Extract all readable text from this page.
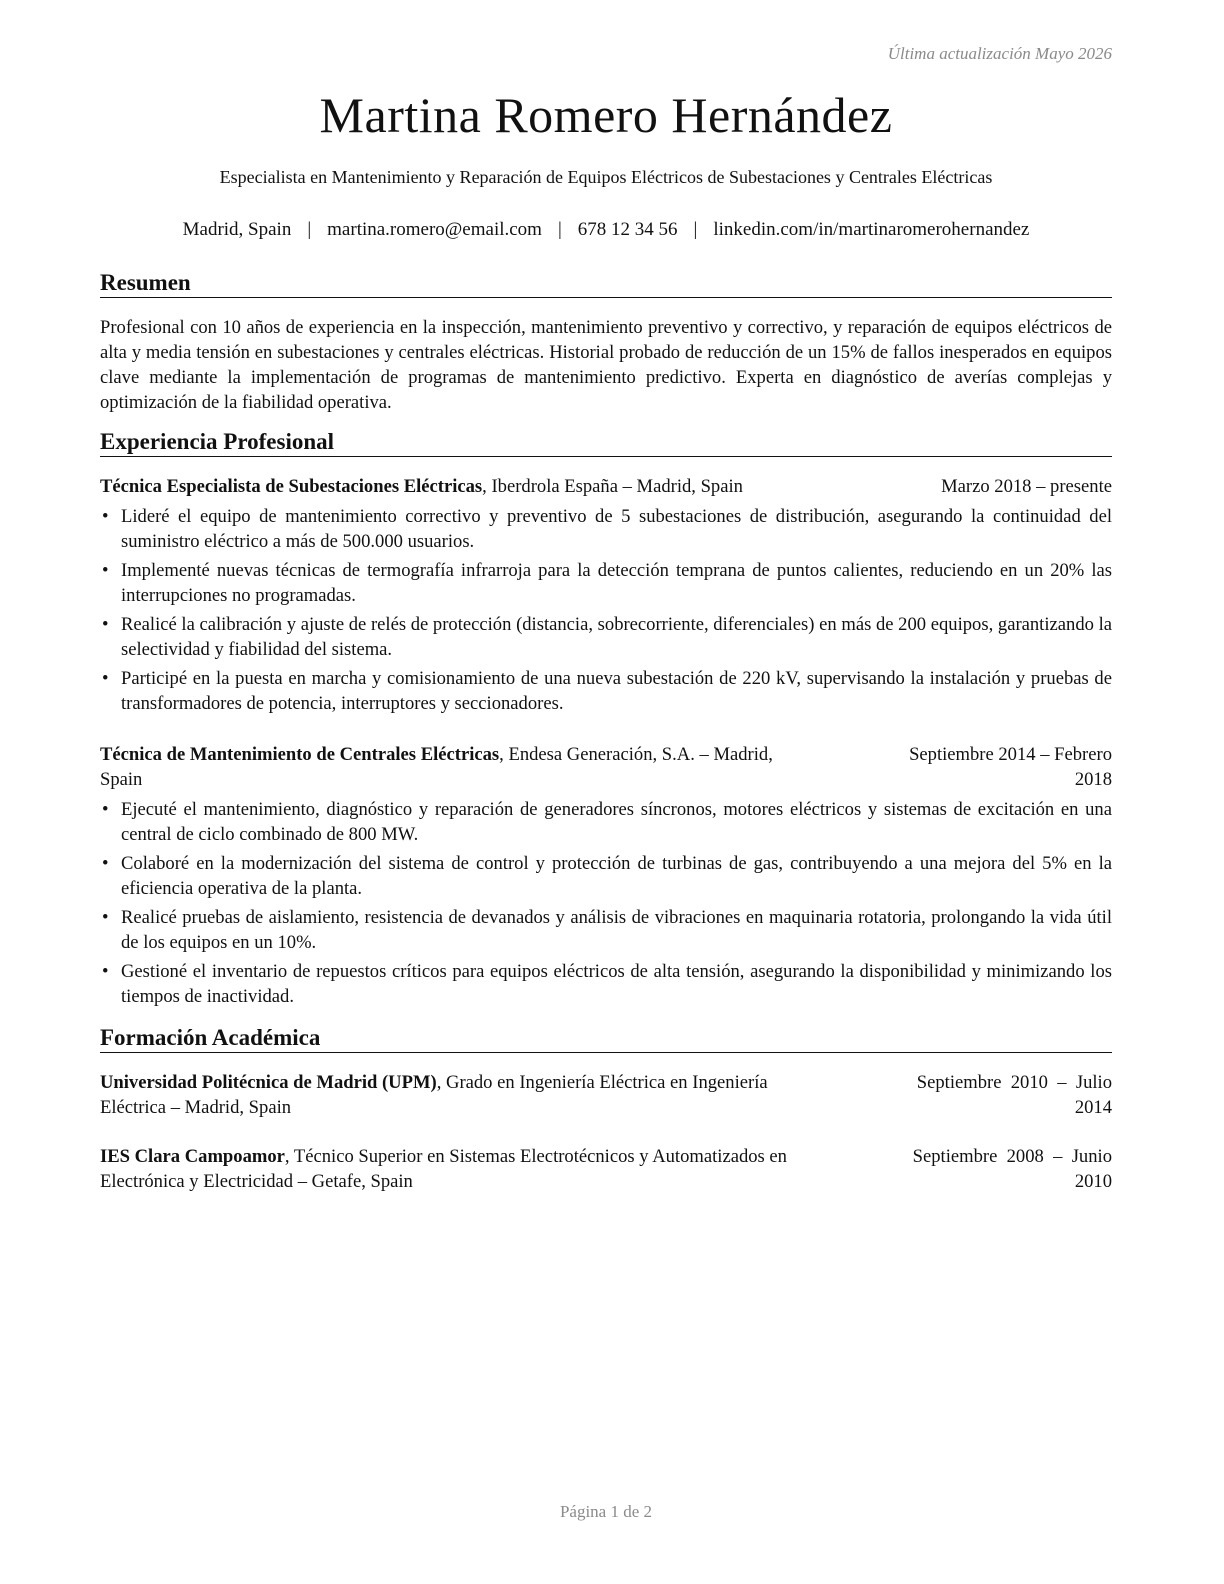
Última actualización Mayo 2026
Martina Romero Hernández
Especialista en Mantenimiento y Reparación de Equipos Eléctricos de Subestaciones y Centrales Eléctricas
Madrid, Spain | martina.romero@email.com | 678 12 34 56 | linkedin.com/in/martinaromerohernandez
Resumen
Profesional con 10 años de experiencia en la inspección, mantenimiento preventivo y correctivo, y reparación de equipos eléctricos de alta y media tensión en subestaciones y centrales eléctricas. Historial probado de reducción de un 15% de fallos inesperados en equipos clave mediante la implementación de programas de mantenimiento predictivo. Experta en diagnóstico de averías complejas y optimización de la fiabilidad operativa.
Experiencia Profesional
Técnica Especialista de Subestaciones Eléctricas, Iberdrola España – Madrid, Spain	Marzo 2018 – presente
• Lideré el equipo de mantenimiento correctivo y preventivo de 5 subestaciones de distribución, asegurando la continuidad del suministro eléctrico a más de 500.000 usuarios.
• Implementé nuevas técnicas de termografía infrarroja para la detección temprana de puntos calientes, reduciendo en un 20% las interrupciones no programadas.
• Realicé la calibración y ajuste de relés de protección (distancia, sobrecorriente, diferenciales) en más de 200 equipos, garantizando la selectividad y fiabilidad del sistema.
• Participé en la puesta en marcha y comisionamiento de una nueva subestación de 220 kV, supervisando la instalación y pruebas de transformadores de potencia, interruptores y seccionadores.
Técnica de Mantenimiento de Centrales Eléctricas, Endesa Generación, S.A. – Madrid,
Spain
Septiembre 2014 – Febrero
2018
• Ejecuté el mantenimiento, diagnóstico y reparación de generadores síncronos, motores eléctricos y sistemas de excitación en una central de ciclo combinado de 800 MW.
• Colaboré en la modernización del sistema de control y protección de turbinas de gas, contribuyendo a una mejora del 5% en la eficiencia operativa de la planta.
• Realicé pruebas de aislamiento, resistencia de devanados y análisis de vibraciones en maquinaria rotatoria, prolongando la vida útil de los equipos en un 10%.
• Gestioné el inventario de repuestos críticos para equipos eléctricos de alta tensión, asegurando la disponibilidad y minimizando los tiempos de inactividad.
Formación Académica
Universidad Politécnica de Madrid (UPM), Grado en Ingeniería Eléctrica en Ingeniería
Eléctrica – Madrid, Spain
Septiembre  2010  –  Julio
2014
IES Clara Campoamor, Técnico Superior en Sistemas Electrotécnicos y Automatizados en
Electrónica y Electricidad – Getafe, Spain
Septiembre  2008  –  Junio
2010
Página 1 de 2
